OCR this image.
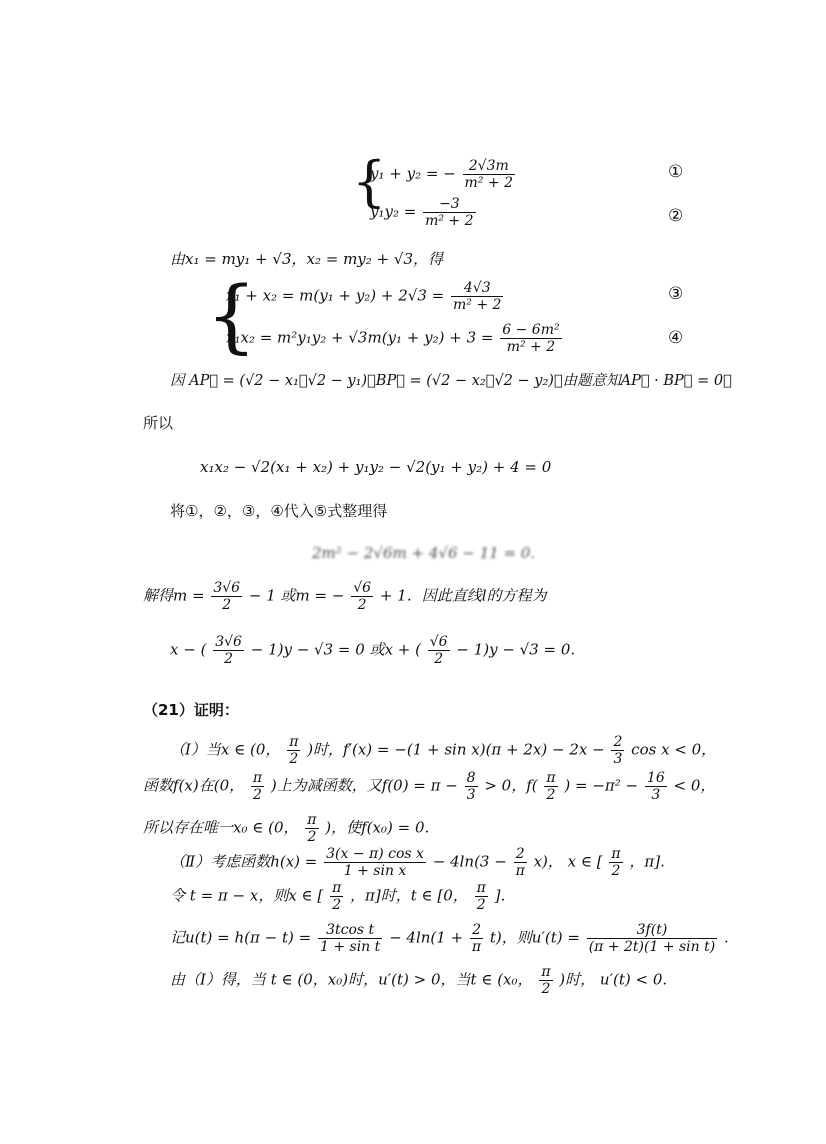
{
y₁ + y₂ = − $\frac{2√3m}{\text{m² + 2}}$
$y_1y_2 = \frac{-3}{\text{m² + 2}}$
①
②
由x₁ = my₁ + √3，x₂ = my₂ + √3，得
{
$x_1 + x_2 = m(y_1 + y_2) + 2√3 = \frac{4√3}{\text{m² + 2}}$
$x_1x_2 = m^2y_1y_2 + √3m(y_1 + y_2) + 3 = \frac{\text{6 − 6m²}}{\text{m² + 2}}$
③
④
因 AP⃗ = (√2 − x₁，√2 − y₁)，BP⃗ = (√2 − x₂，√2 − y₂)，由题意知AP⃗ · BP⃗ = 0，
所以
x₁x₂ − √2(x₁ + x₂) + y₁y₂ − √2(y₁ + y₂) + 4 = 0
将①，②，③，④代入⑤式整理得
2m² − 2√6m + 4√6 − 11 = 0.
解得$m = \frac{3√6}{2} - 1$ 或m = − $\frac{√6}{2} + 1$．因此直线l的方程为
x − ( $\frac{3√6}{2} - 1)y - √3 = 0$ 或x + ( $\frac{√6}{2} - 1)y - √3 = 0$.
（21）证明：
（Ⅰ）当x ∈ (0， $\frac{\pi}{2}$ )时，$f'(x) = -(1 + \sin x)(\pi + 2x) - 2x - \frac{2}{3}$ cos x < 0，
函数f(x)在(0， $\frac{\pi}{2}$ )上为减函数，又$f(0) = \pi - \frac{8}{3} > 0$，$f( \frac{\pi}{2}$ ) = $-\pi^2 - \frac{16}{3} < 0$，
所以存在唯一x₀ ∈ (0， $\frac{\pi}{2}$ )，使f(x₀) = 0.
（Ⅱ）考虑函数$h(x) = \frac{\text{3(x − π) cos x}}{\text{1 + sin x}} - 4\ln(3 - \frac{2}{\pi} x)$， x ∈ [ $\frac{\pi}{2}$ ，π].
令 t = π − x，则x ∈ [ $\frac{\pi}{2}$ ，π]时，t ∈ [0， $\frac{\pi}{2}$ ]．
记$u(t) = h(\pi - t) = \frac{\text{3tcos t}}{\text{1 + sin t}} - 4\ln(1 + \frac{2}{\pi} t)$，则$u'(t) = \frac{3f(t)}{\text{(π + 2t)(1 + sin t)}}$ .
由（Ⅰ）得，当 t ∈ (0，x₀)时，u′(t) > 0，当t ∈ (x₀， $\frac{\pi}{2}$ )时， u′(t) < 0.
